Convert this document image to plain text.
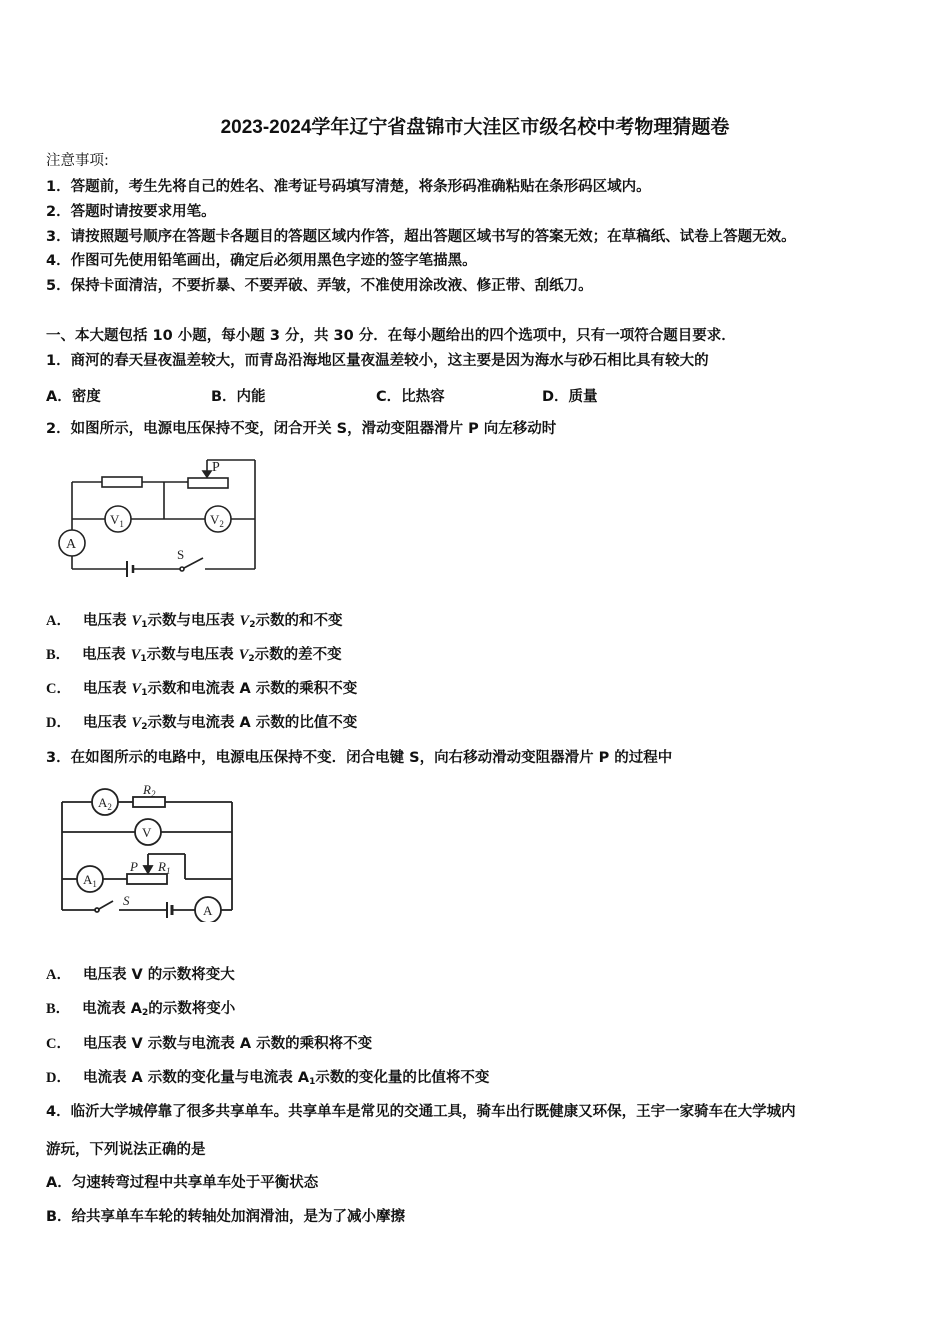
2023-2024学年辽宁省盘锦市大洼区市级名校中考物理猜题卷
注意事项:
1．答题前，考生先将自己的姓名、准考证号码填写清楚，将条形码准确粘贴在条形码区域内。
2．答题时请按要求用笔。
3．请按照题号顺序在答题卡各题目的答题区域内作答，超出答题区域书写的答案无效；在草稿纸、试卷上答题无效。
4．作图可先使用铅笔画出，确定后必须用黑色字迹的签字笔描黑。
5．保持卡面清洁，不要折暴、不要弄破、弄皱，不准使用涂改液、修正带、刮纸刀。
一、本大题包括 10 小题，每小题 3 分，共 30 分．在每小题给出的四个选项中，只有一项符合题目要求．
1．商河的春天昼夜温差较大，而青岛沿海地区量夜温差较小，这主要是因为海水与砂石相比具有较大的
A．密度	B．内能	C．比热容	D．质量
2．如图所示，电源电压保持不变，闭合开关 S，滑动变阻器滑片 P 向左移动时
P
$V_1$	$V_2$
A
S
A． 电压表 $V_1$示数与电压表 $V_2$示数的和不变
B． 电压表 $V_1$示数与电压表 $V_2$示数的差不变
C． 电压表 $V_1$示数和电流表 A 示数的乘积不变
D． 电压表 $V_2$示数与电流表 A 示数的比值不变
3．在如图所示的电路中，电源电压保持不变．闭合电键 S，向右移动滑动变阻器滑片 P 的过程中
$A_2$
$R_2$
V
$A_1$
P $R_1$
S
A
A． 电压表 V 的示数将变大
B． 电流表 $A_2$的示数将变小
C． 电压表 V 示数与电流表 A 示数的乘积将不变
D． 电流表 A 示数的变化量与电流表 $A_1$示数的变化量的比值将不变
4．临沂大学城停靠了很多共享单车。共享单车是常见的交通工具，骑车出行既健康又环保，王宇一家骑车在大学城内
游玩，下列说法正确的是
A．匀速转弯过程中共享单车处于平衡状态
B．给共享单车车轮的转轴处加润滑油，是为了减小摩擦
